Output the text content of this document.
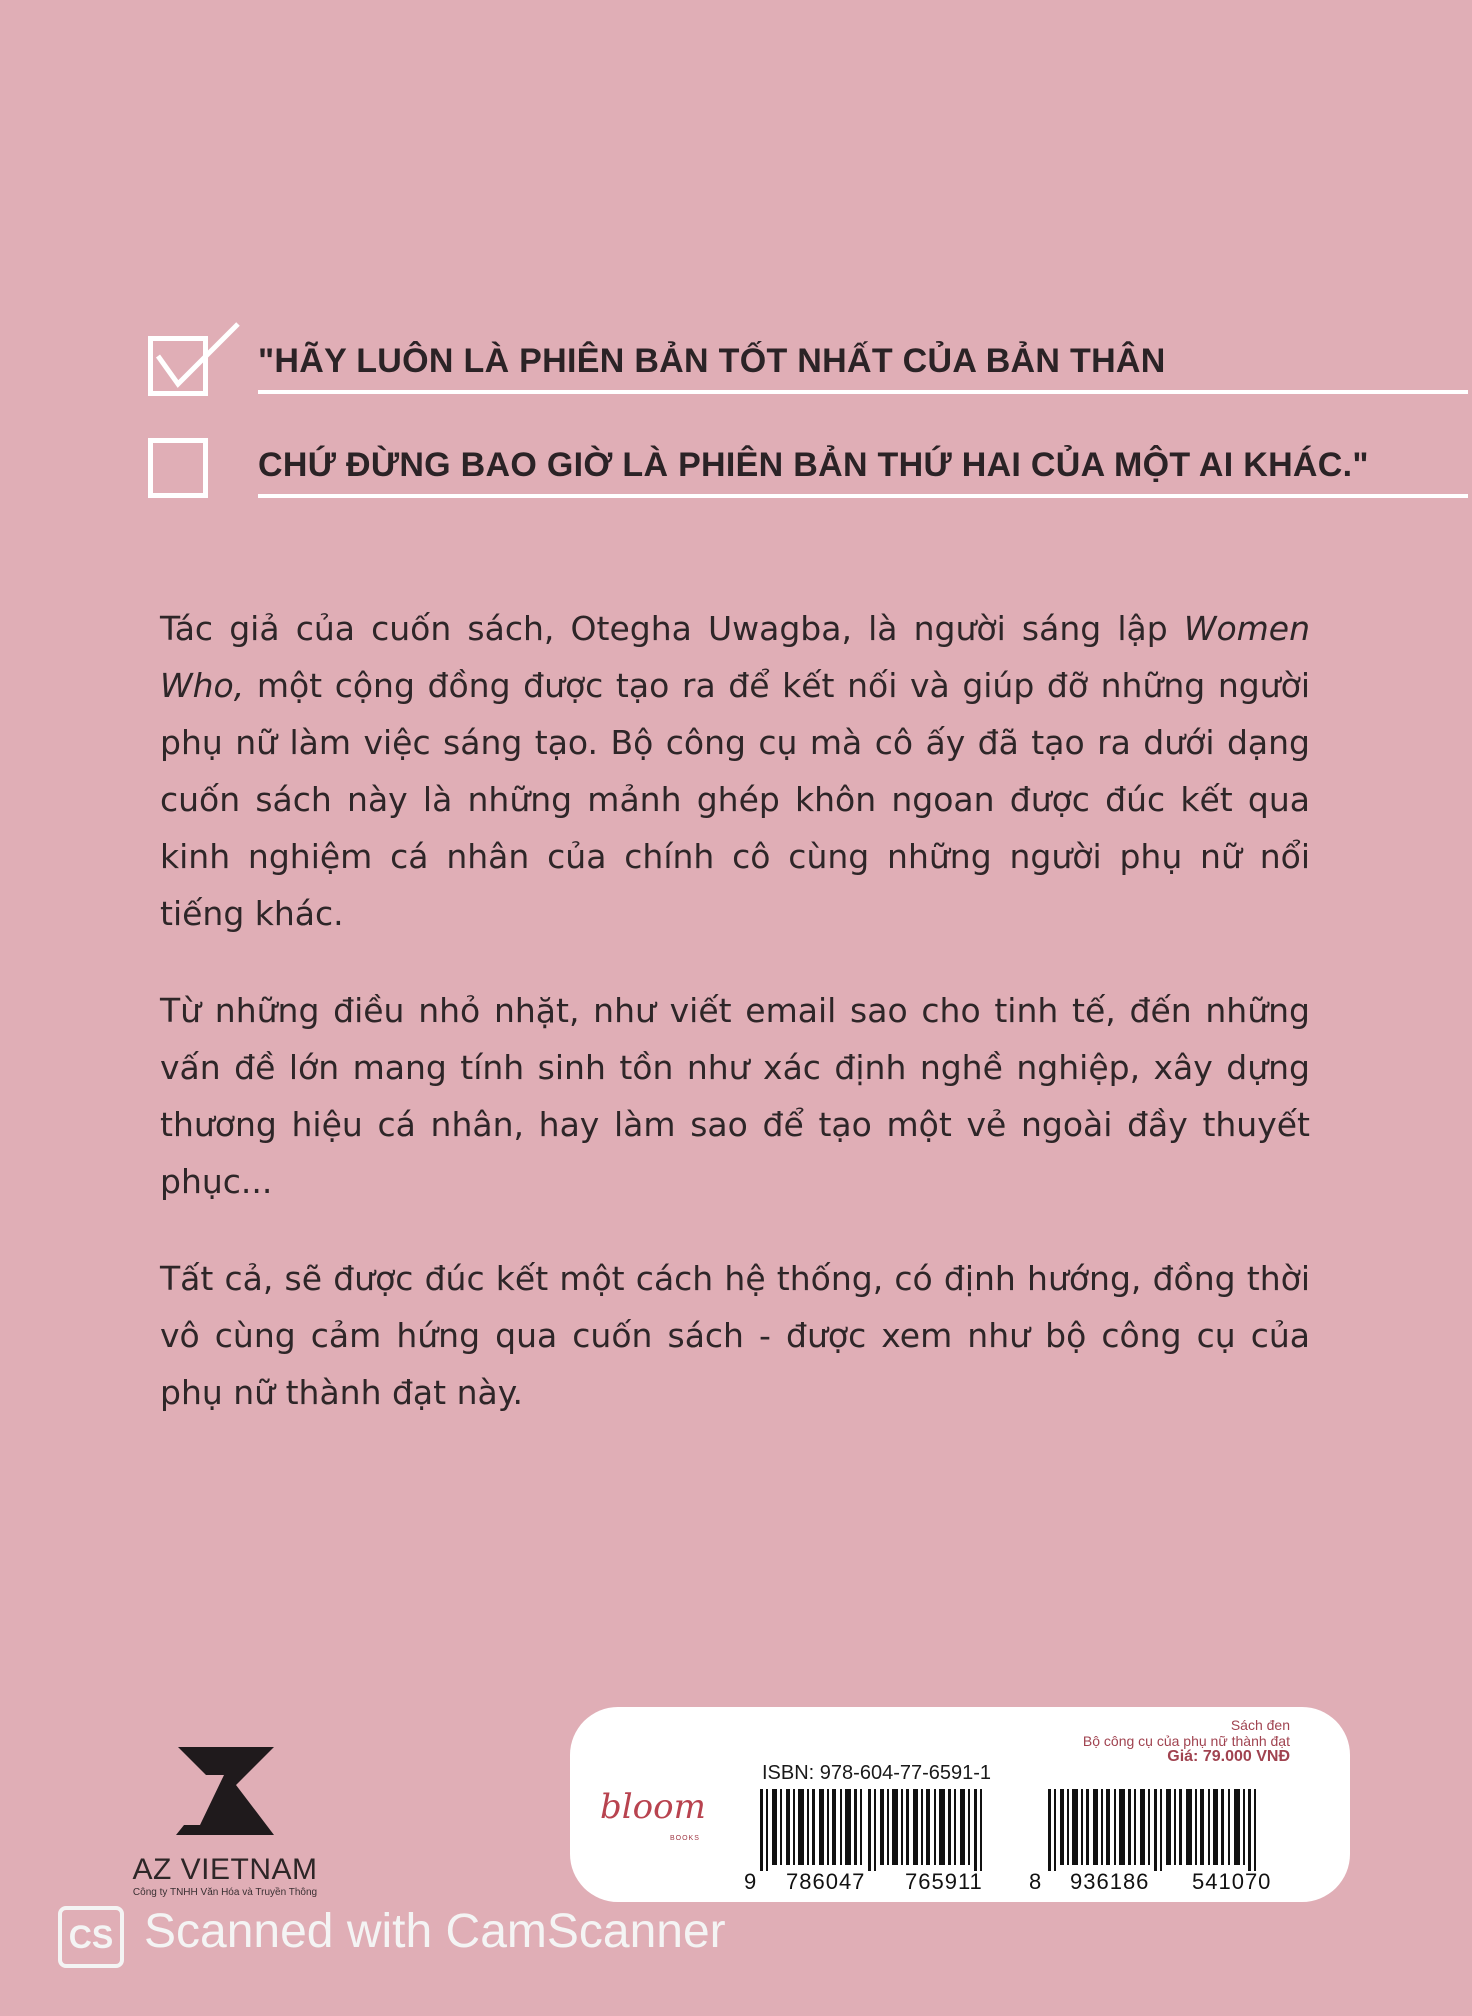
"HÃY LUÔN LÀ PHIÊN BẢN TỐT NHẤT CỦA BẢN THÂN
CHỨ ĐỪNG BAO GIỜ LÀ PHIÊN BẢN THỨ HAI CỦA MỘT AI KHÁC."
Tác giả của cuốn sách, Otegha Uwagba, là người sáng lập Women Who, một cộng đồng được tạo ra để kết nối và giúp đỡ những người phụ nữ làm việc sáng tạo. Bộ công cụ mà cô ấy đã tạo ra dưới dạng cuốn sách này là những mảnh ghép khôn ngoan được đúc kết qua kinh nghiệm cá nhân của chính cô cùng những người phụ nữ nổi tiếng khác.
Từ những điều nhỏ nhặt, như viết email sao cho tinh tế, đến những vấn đề lớn mang tính sinh tồn như xác định nghề nghiệp, xây dựng thương hiệu cá nhân, hay làm sao để tạo một vẻ ngoài đầy thuyết phục...
Tất cả, sẽ được đúc kết một cách hệ thống, có định hướng, đồng thời vô cùng cảm hứng qua cuốn sách - được xem như bộ công cụ của phụ nữ thành đạt này.
AZ VIETNAM
Công ty TNHH Văn Hóa và Truyền Thông
bloom
BOOKS
ISBN: 978-604-77-6591-1
9 786047 765911
Sách đen
Bộ công cụ của phụ nữ thành đạt
Giá: 79.000 VNĐ
8 936186 541070
CS Scanned with CamScanner
